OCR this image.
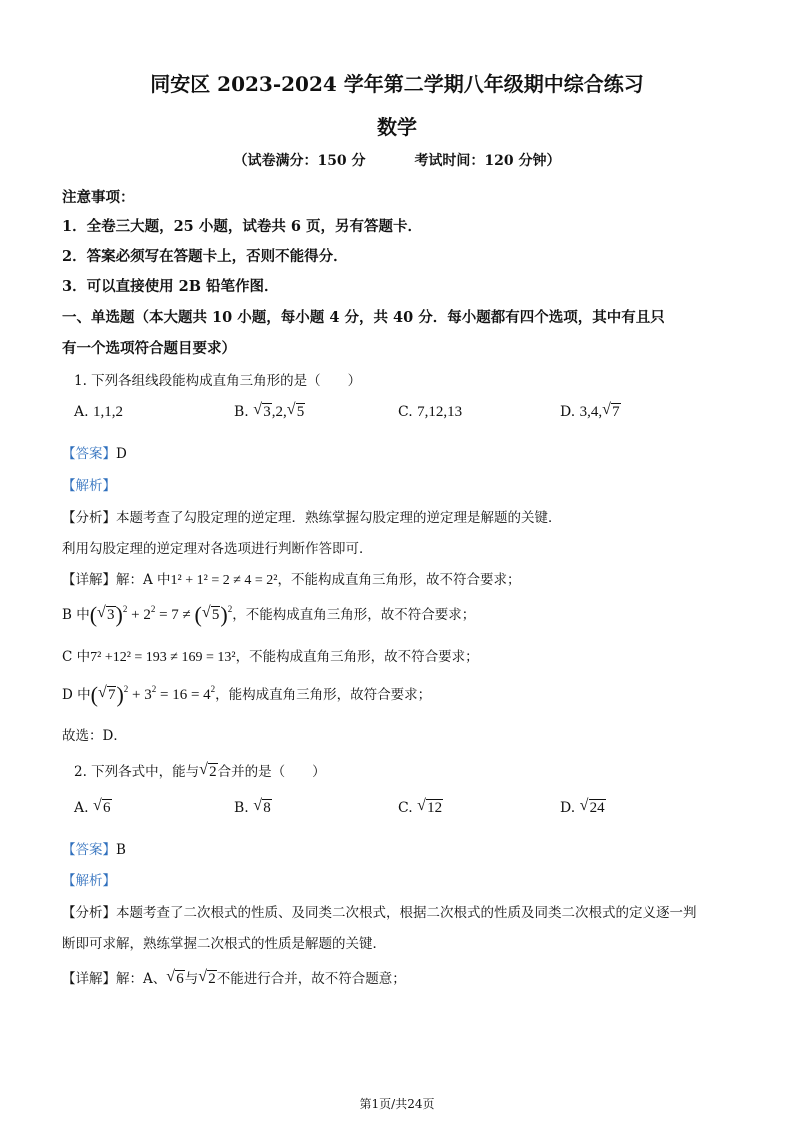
同安区 2023-2024 学年第二学期八年级期中综合练习
数学
（试卷满分：150 分	考试时间：120 分钟）
注意事项：
1．全卷三大题，25 小题，试卷共 6 页，另有答题卡．
2．答案必须写在答题卡上，否则不能得分．
3．可以直接使用 2B 铅笔作图．
一、单选题（本大题共 10 小题，每小题 4 分，共 40 分．每小题都有四个选项，其中有且只
有一个选项符合题目要求）
1. 下列各组线段能构成直角三角形的是（　　）
A. 1,1,2	B. √ 3,2, √ 5	C. 7,12,13	D. 3,4, √ 7
【答案】D
【解析】
【分析】本题考查了勾股定理的逆定理．熟练掌握勾股定理的逆定理是解题的关键．
利用勾股定理的逆定理对各选项进行判断作答即可．
【详解】解：A 中1² + 1² = 2 ≠ 4 = 2²，不能构成直角三角形，故不符合要求；
B 中( √ $3)^2 + 2^2 = 7$ ≠ ( √ 5)$^2$，不能构成直角三角形，故不符合要求；
C 中7² +12² = 193 ≠ 169 = 13²，不能构成直角三角形，故不符合要求；
D 中( √ $7)^2 + 3^2 = 16 = 4^2$，能构成直角三角形，故符合要求；
故选：D．
2. 下列各式中，能与 √ 2合并的是（　　）
A. √ 6	B. √ 8	C. √ 12	D. √ 24
【答案】B
【解析】
【分析】本题考查了二次根式的性质、及同类二次根式，根据二次根式的性质及同类二次根式的定义逐一判
断即可求解，熟练掌握二次根式的性质是解题的关键．
【详解】解：A、 √ 6与 √ 2不能进行合并，故不符合题意；
第1页/共24页
